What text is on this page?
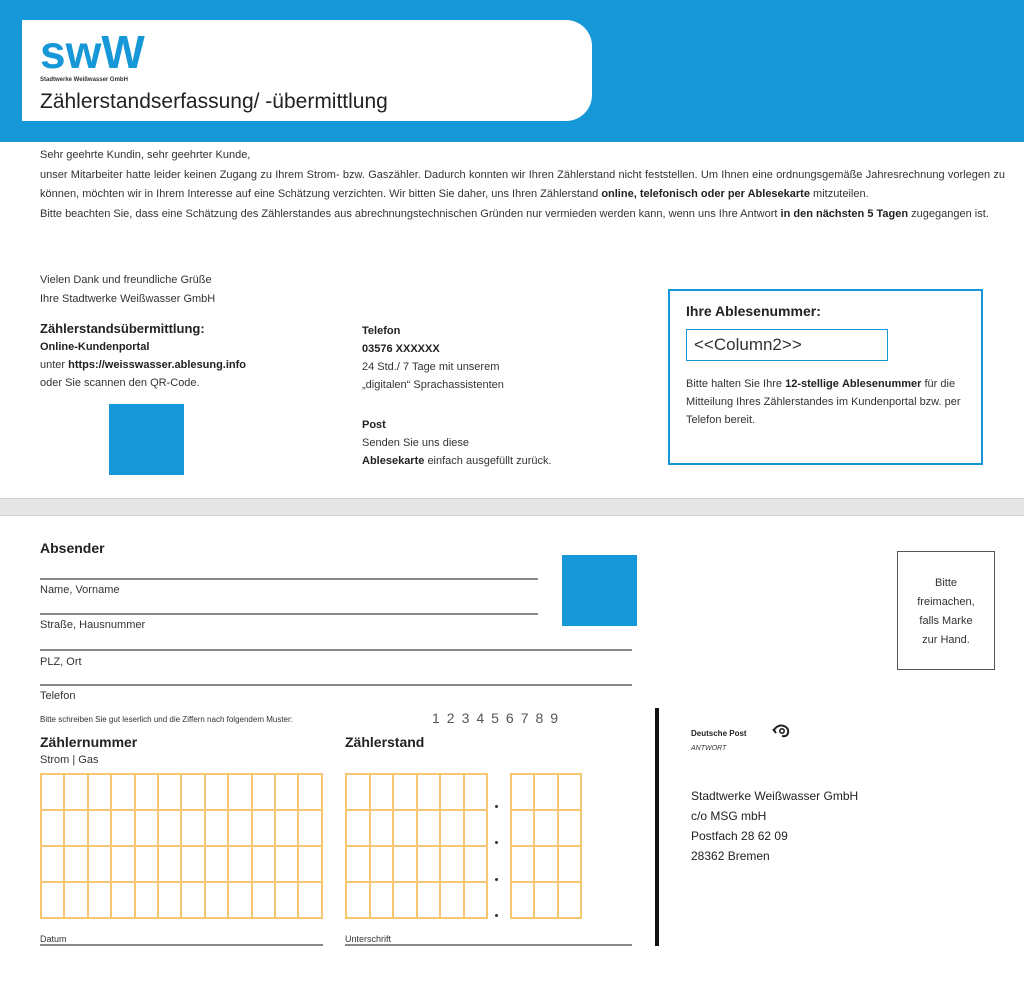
swW
Stadtwerke Weißwasser GmbH
Zählerstandserfassung/ -übermittlung

Sehr geehrte Kundin, sehr geehrter Kunde,

unser Mitarbeiter hatte leider keinen Zugang zu Ihrem Strom- bzw. Gaszähler. Dadurch konnten wir Ihren Zählerstand nicht feststellen. Um Ihnen eine ordnungsgemäße Jahresrechnung vorlegen zu können, möchten wir in Ihrem Interesse auf eine Schätzung verzichten. Wir bitten Sie daher, uns Ihren Zählerstand online, telefonisch oder per Ablesekarte mitzuteilen.

Bitte beachten Sie, dass eine Schätzung des Zählerstandes aus abrechnungstechnischen Gründen nur vermieden werden kann, wenn uns Ihre Antwort in den nächsten 5 Tagen zugegangen ist.

Vielen Dank und freundliche Grüße
Ihre Stadtwerke Weißwasser GmbH
Zählerstandsübermittlung:
Online-Kundenportal
unter https://weisswasser.ablesung.info
oder Sie scannen den QR-Code.
Telefon
03576 XXXXXX
24 Std./ 7 Tage mit unserem
„digitalen“ Sprachassistenten
Post
Senden Sie uns diese
Ablesekarte einfach ausgefüllt zurück.
Ihre Ablesenummer:
<<Column2>>
Bitte halten Sie Ihre 12-stellige Ablesenummer für die Mitteilung Ihres Zählerstandes im Kundenportal bzw. per Telefon bereit.
Absender
Name, Vorname
Straße, Hausnummer
PLZ, Ort
Telefon
Bitte
freimachen,
falls Marke
zur Hand.
Bitte schreiben Sie gut leserlich und die Ziffern nach folgendem Muster:	123456789
Zählernummer
Strom | Gas
Zählerstand
Datum	Unterschrift
Deutsche Post
ANTWORT
Stadtwerke Weißwasser GmbH
c/o MSG mbH
Postfach 28 62 09
28362 Bremen
